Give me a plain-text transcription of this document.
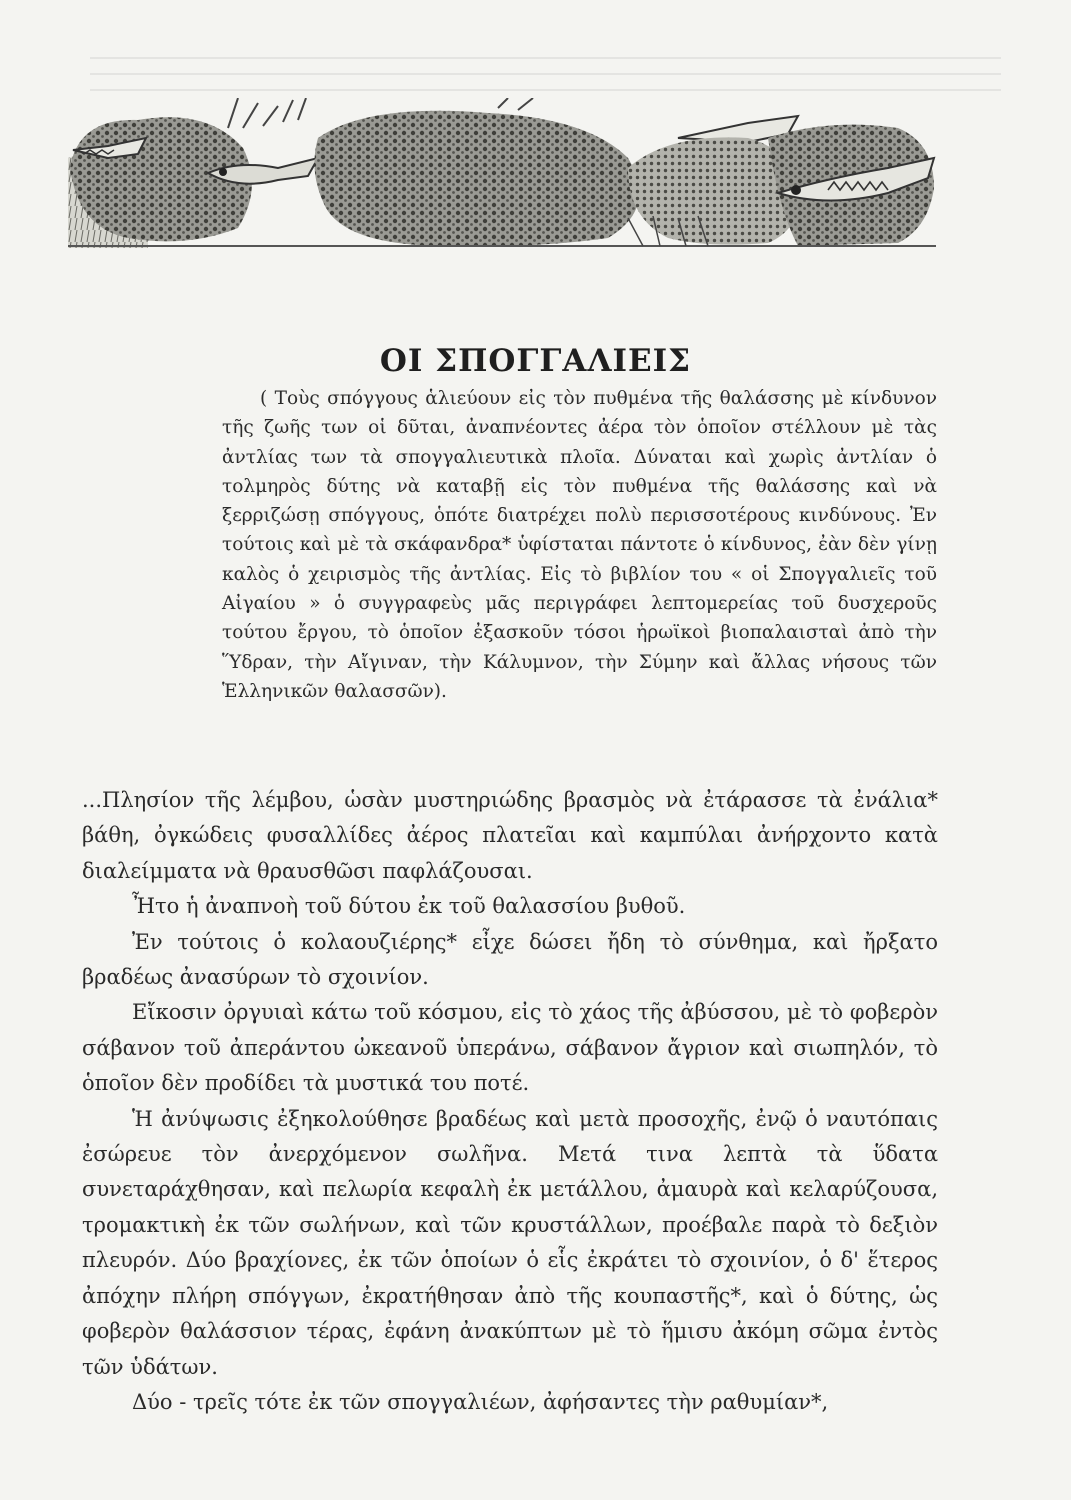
ΟΙ ΣΠΟΓΓΑΛΙΕΙΣ

( Τοὺς σπόγγους ἁλιεύουν εἰς τὸν πυθμένα τῆς θαλάσσης μὲ κίνδυνον τῆς ζωῆς των οἱ δῦται, ἀναπνέοντες ἀέρα τὸν ὁποῖον στέλλουν μὲ τὰς ἀντλίας των τὰ σπογγαλιευτικὰ πλοῖα. Δύναται καὶ χωρὶς ἀντλίαν ὁ τολμηρὸς δύτης νὰ καταβῇ εἰς τὸν πυθμένα τῆς θαλάσσης καὶ νὰ ξερριζώσῃ σπόγγους, ὁπότε διατρέχει πολὺ περισσοτέρους κινδύνους. Ἐν τούτοις καὶ μὲ τὰ σκάφανδρα* ὑφίσταται πάντοτε ὁ κίνδυνος, ἐὰν δὲν γίνῃ καλὸς ὁ χειρισμὸς τῆς ἀντλίας. Εἰς τὸ βιβλίον του « οἱ Σπογγαλιεῖς τοῦ Αἰγαίου » ὁ συγγραφεὺς μᾶς περιγράφει λεπτομερείας τοῦ δυσχεροῦς τούτου ἔργου, τὸ ὁποῖον ἐξασκοῦν τόσοι ἡρωϊκοὶ βιοπαλαισταὶ ἀπὸ τὴν Ὕδραν, τὴν Αἴγιναν, τὴν Κάλυμνον, τὴν Σύμην καὶ ἄλλας νήσους τῶν Ἑλληνικῶν θαλασσῶν).

...Πλησίον τῆς λέμβου, ὡσὰν μυστηριώδης βρασμὸς νὰ ἐτάρασσε τὰ ἐνάλια* βάθη, ὀγκώδεις φυσαλλίδες ἀέρος πλατεῖαι καὶ καμπύλαι ἀνήρχοντο κατὰ διαλείμματα νὰ θραυσθῶσι παφλάζουσαι.

Ἦτο ἡ ἀναπνοὴ τοῦ δύτου ἐκ τοῦ θαλασσίου βυθοῦ.

Ἐν τούτοις ὁ κολαουζιέρης* εἶχε δώσει ἤδη τὸ σύνθημα, καὶ ἤρξατο βραδέως ἀνασύρων τὸ σχοινίον.

Εἴκοσιν ὀργυιαὶ κάτω τοῦ κόσμου, εἰς τὸ χάος τῆς ἀβύσσου, μὲ τὸ φοβερὸν σάβανον τοῦ ἀπεράντου ὠκεανοῦ ὑπεράνω, σάβανον ἄγριον καὶ σιωπηλόν, τὸ ὁποῖον δὲν προδίδει τὰ μυστικά του ποτέ.

Ἡ ἀνύψωσις ἐξηκολούθησε βραδέως καὶ μετὰ προσοχῆς, ἐνῷ ὁ ναυτόπαις ἐσώρευε τὸν ἀνερχόμενον σωλῆνα. Μετά τινα λεπτὰ τὰ ὕδατα συνεταράχθησαν, καὶ πελωρία κεφαλὴ ἐκ μετάλλου, ἀμαυρὰ καὶ κελαρύζουσα, τρομακτικὴ ἐκ τῶν σωλήνων, καὶ τῶν κρυστάλλων, προέβαλε παρὰ τὸ δεξιὸν πλευρόν. Δύο βραχίονες, ἐκ τῶν ὁποίων ὁ εἷς ἐκράτει τὸ σχοινίον, ὁ δ' ἕτερος ἀπόχην πλήρη σπόγγων, ἐκρατήθησαν ἀπὸ τῆς κουπαστῆς*, καὶ ὁ δύτης, ὡς φοβερὸν θαλάσσιον τέρας, ἐφάνη ἀνακύπτων μὲ τὸ ἥμισυ ἀκόμη σῶμα ἐντὸς τῶν ὑδάτων.

Δύο - τρεῖς τότε ἐκ τῶν σπογγαλιέων, ἀφήσαντες τὴν ραθυμίαν*,
